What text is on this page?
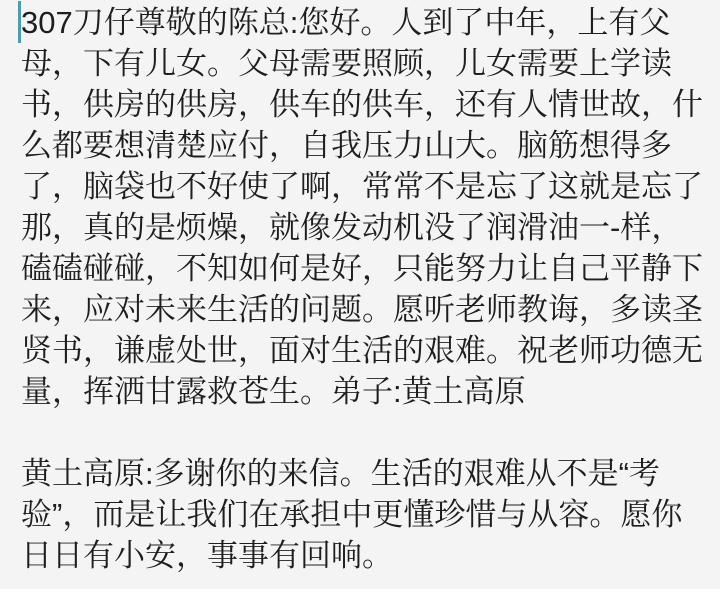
307刀仔尊敬的陈总:您好。人到了中年，上有父
母，下有儿女。父母需要照顾，儿女需要上学读
书，供房的供房，供车的供车，还有人情世故，什
么都要想清楚应付，自我压力山大。脑筋想得多
了，脑袋也不好使了啊，常常不是忘了这就是忘了
那，真的是烦燥，就像发动机没了润滑油一-样，
磕磕碰碰，不知如何是好，只能努力让自己平静下
来，应对未来生活的问题。愿听老师教诲，多读圣
贤书，谦虚处世，面对生活的艰难。祝老师功德无
量，挥洒甘露救苍生。弟子:黄土高原
黄土高原:多谢你的来信。生活的艰难从不是“考
验”，而是让我们在承担中更懂珍惜与从容。愿你
日日有小安，事事有回响。
